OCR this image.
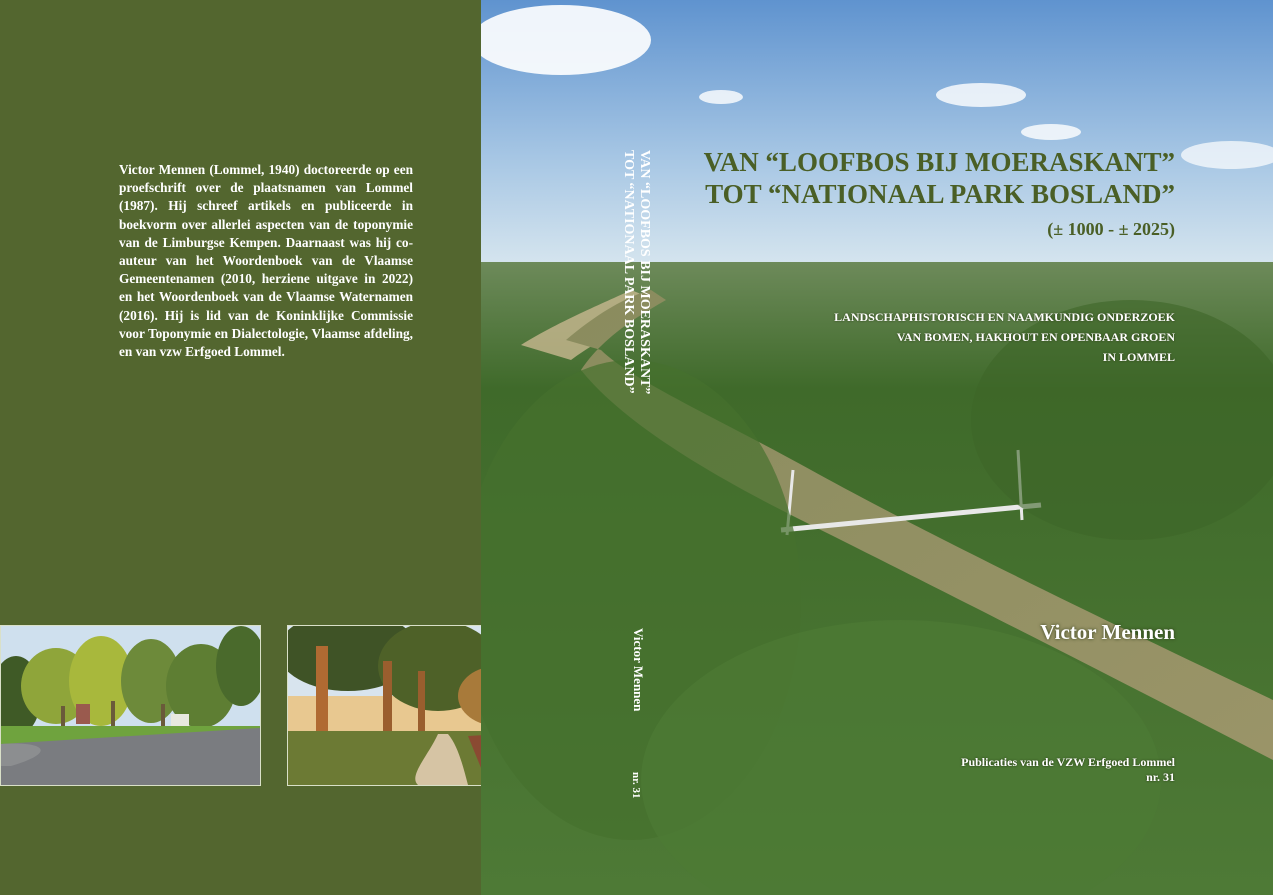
Victor Mennen (Lommel, 1940) doctoreerde op een proefschrift over de plaatsnamen van Lommel (1987). Hij schreef artikels en publiceerde in boekvorm over allerlei aspecten van de toponymie van de Limburgse Kempen. Daarnaast was hij co-auteur van het Woordenboek van de Vlaamse Gemeentenamen (2010, herziene uitgave in 2022) en het Woordenboek van de Vlaamse Waternamen (2016). Hij is lid van de Koninklijke Commissie voor Toponymie en Dialectologie, Vlaamse afdeling, en van vzw Erfgoed Lommel.	VAN “LOOFBOS BIJ MOERASKANT”
TOT “NATIONAAL PARK BOSLAND”
Victor Mennen
nr. 31
VAN “LOOFBOS BIJ MOERASKANT”
TOT “NATIONAAL PARK BOSLAND”
(± 1000 - ± 2025)
LANDSCHAPHISTORISCH EN NAAMKUNDIG ONDERZOEK
VAN BOMEN, HAKHOUT EN OPENBAAR GROEN
IN LOMMEL
Victor Mennen
Publicaties van de VZW Erfgoed Lommel
nr. 31
